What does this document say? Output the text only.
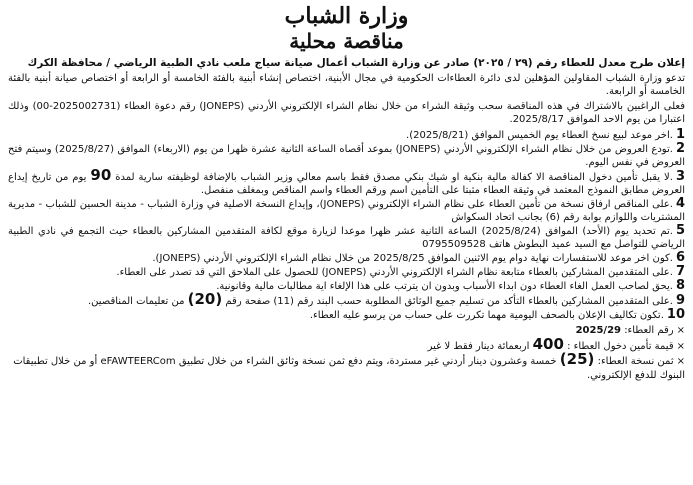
وزارة الشباب
مناقصة محلية
إعلان طرح معدل للعطاء رقم (٢٩ / ٢٠٢٥) صادر عن وزارة الشباب أعمال صيانة سياج ملعب نادي الطبية الرياضي / محافظة الكرك

تدعو وزارة الشباب المقاولين المؤهلين لدى دائرة العطاءات الحكومية في مجال الأبنية، اختصاص إنشاء أبنية بالفئة الخامسة أو الرابعة أو اختصاص صيانة أبنية بالفئة الخامسة أو الرابعة.

فعلى الراغبين بالاشتراك في هذه المناقصة سحب وثيقة الشراء من خلال نظام الشراء الإلكتروني الأردني (JONEPS) رقم دعوة العطاء (2025002731-00) وذلك اعتبارا من يوم الاحد الموافق 2025/8/17.

1.اخر موعد لبيع نسخ العطاء يوم الخميس الموافق (2025/8/21).
2.تودع العروض من خلال نظام الشراء الإلكتروني الأردني (JONEPS) بموعد أقصاه الساعة الثانية عشرة ظهرا من يوم (الاربعاء) الموافق (2025/8/27) وسيتم فتح العروض في نفس اليوم.
3.لا يقبل تأمين دخول المناقصة الا كفالة مالية بنكية او شيك بنكي مصدق فقط باسم معالي وزير الشباب بالإضافة لوظيفته سارية لمدة 90 يوم من تاريخ إيداع العروض مطابق النموذج المعتمد في وثيقة العطاء مثبتا على التأمين اسم ورقم العطاء واسم المناقص وبمغلف منفصل.
4.على المناقص ارفاق نسخة من تأمين العطاء على نظام الشراء الإلكتروني (JONEPS)، وإيداع النسخة الاصلية في وزارة الشباب - مدينة الحسين للشباب - مديرية المشتريات واللوازم بوابة رقم (6) بجانب اتحاد السكواش
5.تم تحديد يوم (الأحد) الموافق (2025/8/24) الساعة الثانية عشر ظهرا موعدا لزيارة موقع لكافة المتقدمين المشاركين بالعطاء حيث التجمع في نادي الطبية الرياضي للتواصل مع السيد عميد البطوش هاتف 0795509528
6.كون اخر موعد للاستفسارات نهاية دوام يوم الاثنين الموافق 2025/8/25 من خلال نظام الشراء الإلكتروني الأردني (JONEPS).
7.على المتقدمين المشاركين بالعطاء متابعة نظام الشراء الإلكتروني الأردني (JONEPS) للحصول على الملاحق التي قد تصدر على العطاء.
8.يحق لصاحب العمل الغاء العطاء دون ابداء الأسباب وبدون ان يترتب على هذا الإلغاء اية مطالبات مالية وقانونية.
9.على المتقدمين المشاركين بالعطاء التأكد من تسليم جميع الوثائق المطلوبة حسب البند رقم (11) صفحة رقم (20) من تعليمات المناقصين.
10.تكون تكاليف الإعلان بالصحف اليومية مهما تكررت على حساب من يرسو عليه العطاء.

×رقم العطاء: 2025/29

×قيمة تأمين دخول العطاء : 400 اربعمائة دينار فقط لا غير

×ثمن نسخة العطاء: (25) خمسة وعشرون دينار أردني غير مستردة، ويتم دفع ثمن نسخة وثائق الشراء من خلال تطبيق eFAWTEERCom أو من خلال تطبيقات البنوك للدفع الإلكتروني.
